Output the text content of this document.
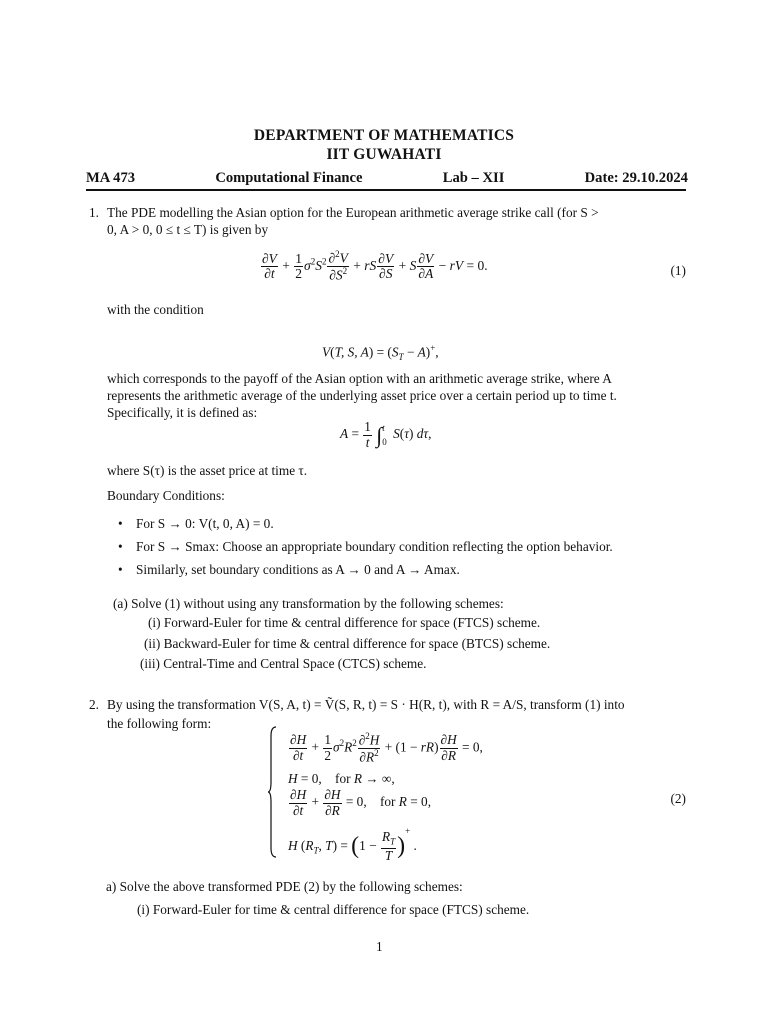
DEPARTMENT OF MATHEMATICS
IIT GUWAHATI
MA 473	Computational Finance	Lab – XII	Date: 29.10.2024
1. The PDE modelling the Asian option for the European arithmetic average strike call (for S >
0, A > 0, 0 ≤ t ≤ T) is given by
$\frac{\partial V}{\partial t} + \frac{1}{2} \sigma^2S^2 \frac{\partial^2V}{\partial S^2}$ + rS $\frac{\partial V}{\partial S} + S \frac{\partial V}{\partial A}$ − rV = 0.	(1)
with the condition
V(T, S, $A) = (S_T - A)^+$,
which corresponds to the payoff of the Asian option with an arithmetic average strike, where A
represents the arithmetic average of the underlying asset price over a certain period up to time t.
Specifically, it is defined as:
$A = \frac{1}{t}$ ∫ t
0
S(τ) dτ,
where S(τ) is the asset price at time τ.
Boundary Conditions:
• For S → 0: V(t, 0, A) = 0.
• For S → Smax: Choose an appropriate boundary condition reflecting the option behavior.
• Similarly, set boundary conditions as A → 0 and A → Amax.
(a) Solve (1) without using any transformation by the following schemes:
(i) Forward-Euler for time & central difference for space (FTCS) scheme.
(ii) Backward-Euler for time & central difference for space (BTCS) scheme.
(iii) Central-Time and Central Space (CTCS) scheme.
2. By using the transformation V(S, A, t) = Ṽ(S, R, t) = S · H(R, t), with R = A/S, transform (1) into
the following form:
$\frac{\partial H}{\partial t} + \frac{1}{2} \sigma^2R^2 \frac{\partial^2H}{\partial R^2} + (1 - rR) \frac{\partial H}{\partial R} = 0$,
H = 0,    for R → ∞,
$\frac{\partial H}{\partial t} + \frac{\partial H}{\partial R} = 0$,    for R = 0,
H ($R_T$, $T) = (1 - \frac{R_T}{T} )^+$ .
(2)
a) Solve the above transformed PDE (2) by the following schemes:
(i) Forward-Euler for time & central difference for space (FTCS) scheme.
1
